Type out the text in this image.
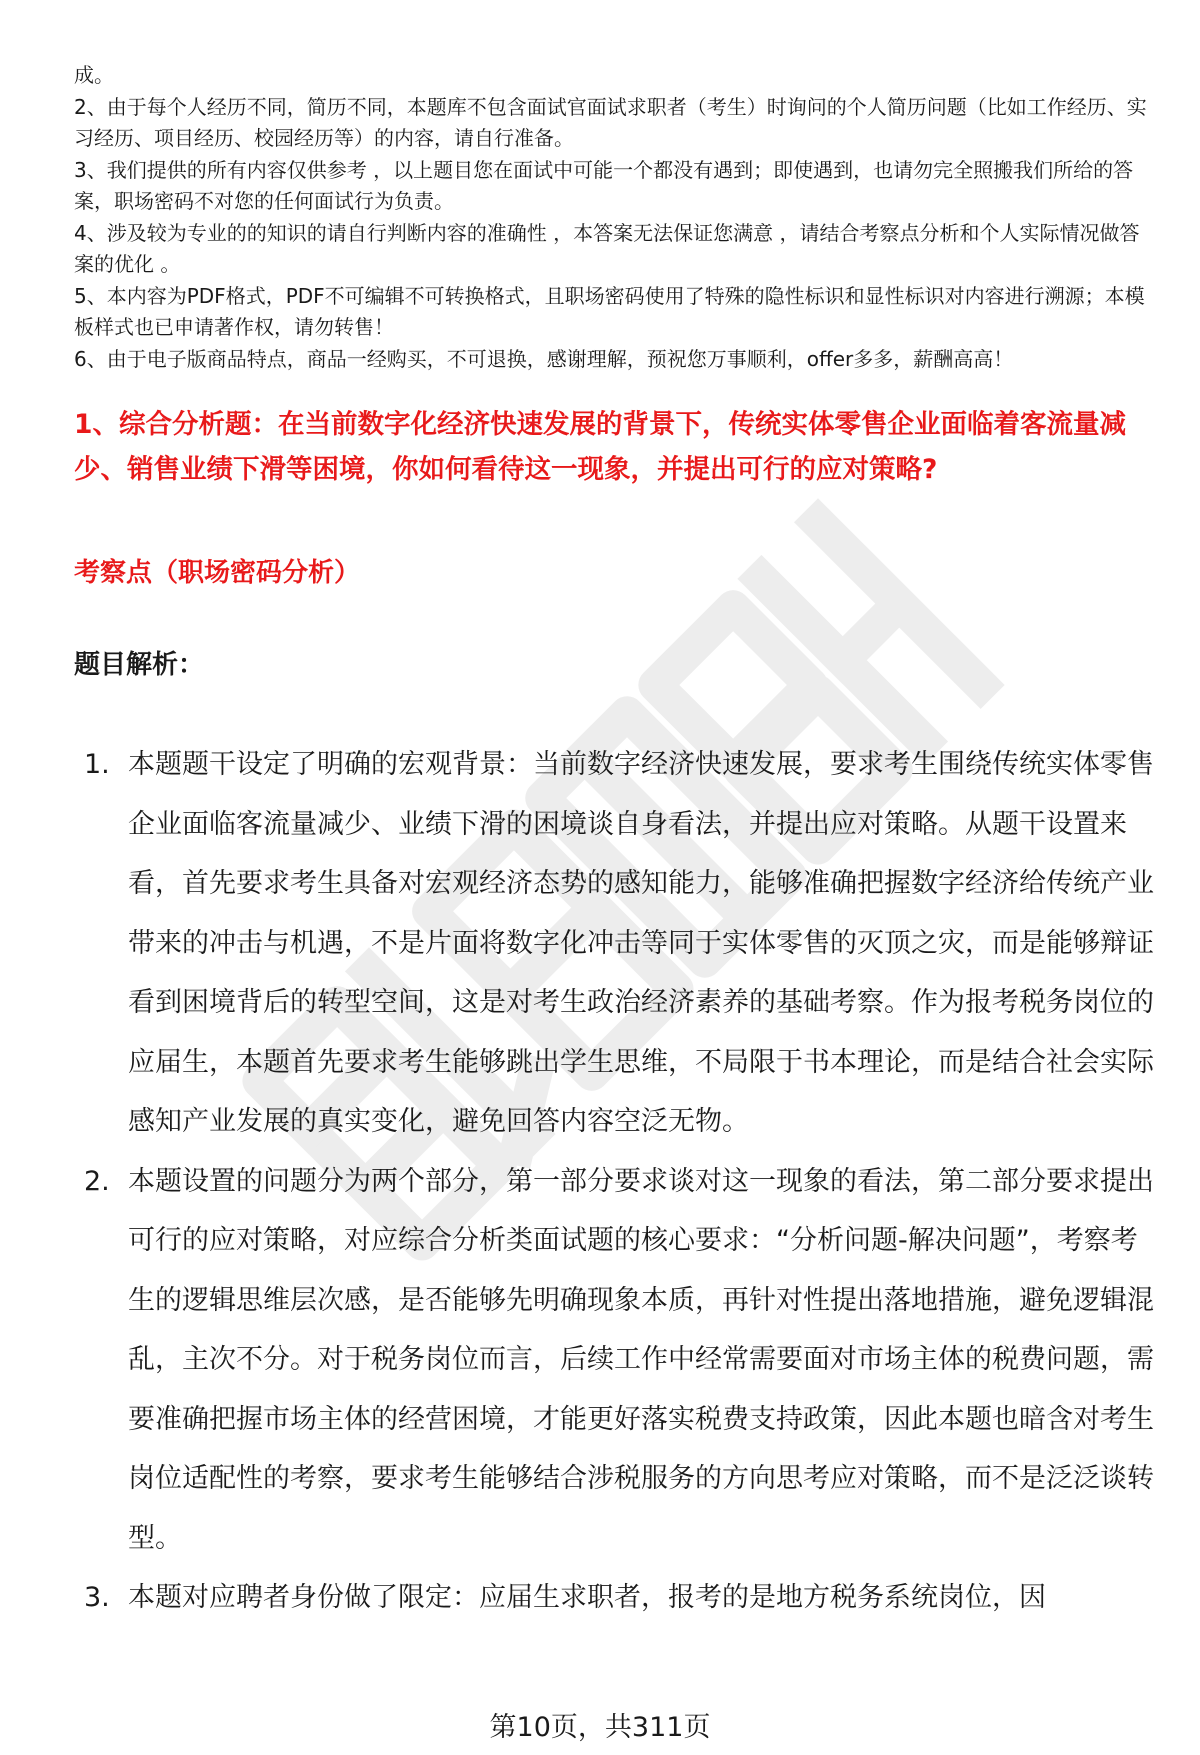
成。

2、由于每个人经历不同，简历不同，本题库不包含面试官面试求职者（考生）时询问的个人简历问题（比如工作经历、实习经历、项目经历、校园经历等）的内容，请自行准备。

3、我们提供的所有内容仅供参考 ，以上题目您在面试中可能一个都没有遇到；即使遇到，也请勿完全照搬我们所给的答案，职场密码不对您的任何面试行为负责。

4、涉及较为专业的的知识的请自行判断内容的准确性 ，本答案无法保证您满意 ，请结合考察点分析和个人实际情况做答案的优化 。

5、本内容为PDF格式，PDF不可编辑不可转换格式，且职场密码使用了特殊的隐性标识和显性标识对内容进行溯源；本模板样式也已申请著作权，请勿转售！

6、由于电子版商品特点，商品一经购买，不可退换，感谢理解，预祝您万事顺利，offer多多，薪酬高高！

1、综合分析题：在当前数字化经济快速发展的背景下，传统实体零售企业面临着客流量减少、销售业绩下滑等困境，你如何看待这一现象，并提出可行的应对策略?
考察点（职场密码分析）
题目解析：
1. 本题题干设定了明确的宏观背景：当前数字经济快速发展，要求考生围绕传统实体零售企业面临客流量减少、业绩下滑的困境谈自身看法，并提出应对策略。从题干设置来看，首先要求考生具备对宏观经济态势的感知能力，能够准确把握数字经济给传统产业带来的冲击与机遇，不是片面将数字化冲击等同于实体零售的灭顶之灾，而是能够辩证看到困境背后的转型空间，这是对考生政治经济素养的基础考察。作为报考税务岗位的应届生，本题首先要求考生能够跳出学生思维，不局限于书本理论，而是结合社会实际感知产业发展的真实变化，避免回答内容空泛无物。
2. 本题设置的问题分为两个部分，第一部分要求谈对这一现象的看法，第二部分要求提出可行的应对策略，对应综合分析类面试题的核心要求：“分析问题-解决问题”，考察考生的逻辑思维层次感，是否能够先明确现象本质，再针对性提出落地措施，避免逻辑混乱，主次不分。对于税务岗位而言，后续工作中经常需要面对市场主体的税费问题，需要准确把握市场主体的经营困境，才能更好落实税费支持政策，因此本题也暗含对考生岗位适配性的考察，要求考生能够结合涉税服务的方向思考应对策略，而不是泛泛谈转型。
3. 本题对应聘者身份做了限定：应届生求职者，报考的是地方税务系统岗位，因
第10页，共311页
